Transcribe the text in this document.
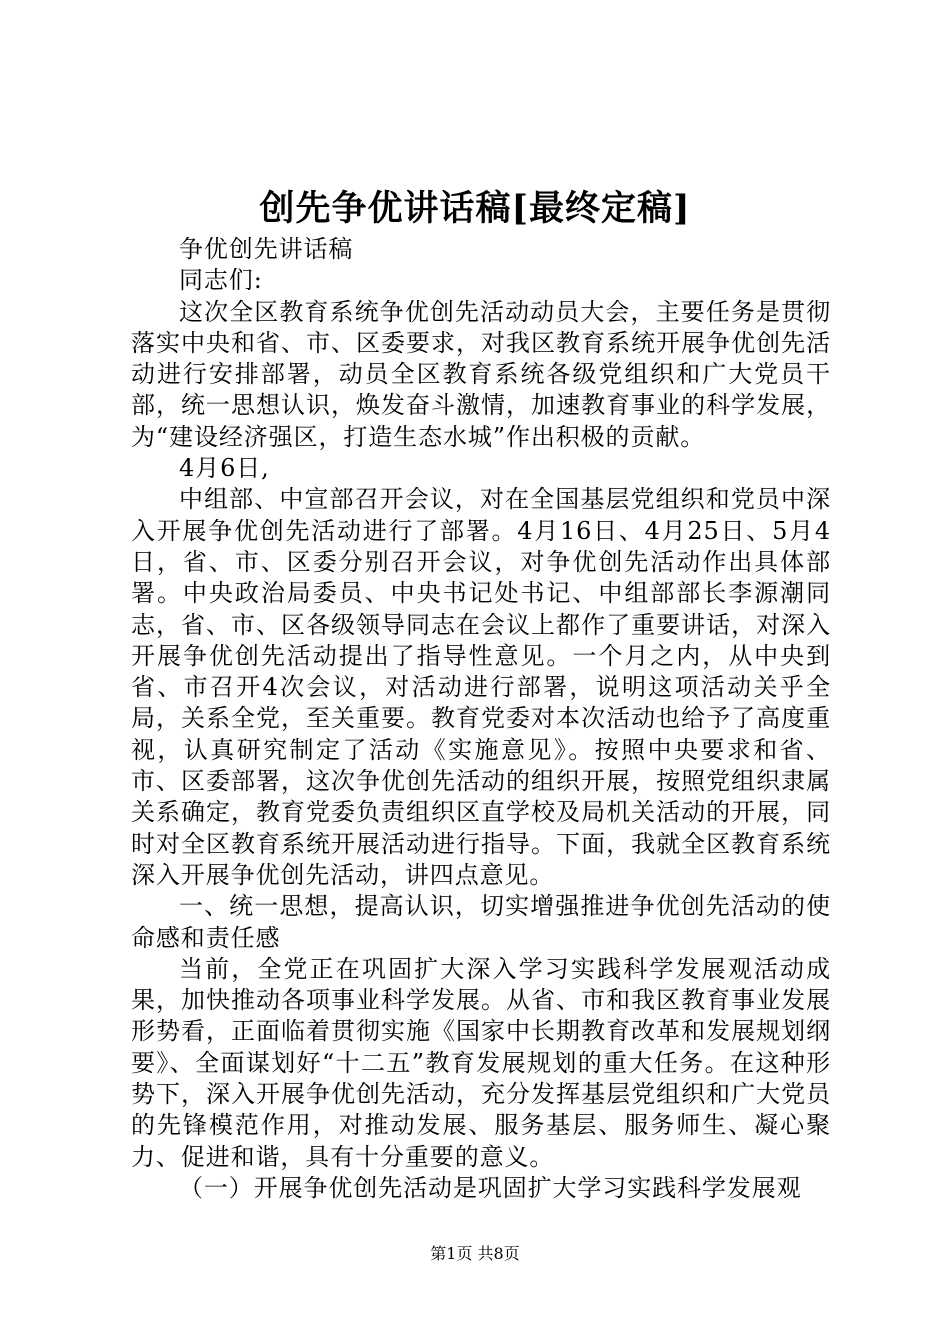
创先争优讲话稿[最终定稿]

争优创先讲话稿

同志们:

这次全区教育系统争优创先活动动员大会，主要任务是贯彻落实中央和省、市、区委要求，对我区教育系统开展争优创先活动进行安排部署，动员全区教育系统各级党组织和广大党员干部，统一思想认识，焕发奋斗激情，加速教育事业的科学发展，为“建设经济强区，打造生态水城”作出积极的贡献。

4月6日,

中组部、中宣部召开会议，对在全国基层党组织和党员中深入开展争优创先活动进行了部署。4月16日、4月25日、5月4日，省、市、区委分别召开会议，对争优创先活动作出具体部署。中央政治局委员、中央书记处书记、中组部部长李源潮同志，省、市、区各级领导同志在会议上都作了重要讲话，对深入开展争优创先活动提出了指导性意见。一个月之内，从中央到省、市召开4次会议，对活动进行部署，说明这项活动关乎全局，关系全党，至关重要。教育党委对本次活动也给予了高度重视，认真研究制定了活动《实施意见》。按照中央要求和省、市、区委部署，这次争优创先活动的组织开展，按照党组织隶属关系确定，教育党委负责组织区直学校及局机关活动的开展，同时对全区教育系统开展活动进行指导。下面，我就全区教育系统深入开展争优创先活动，讲四点意见。

一、统一思想，提高认识，切实增强推进争优创先活动的使命感和责任感

当前，全党正在巩固扩大深入学习实践科学发展观活动成果，加快推动各项事业科学发展。从省、市和我区教育事业发展形势看，正面临着贯彻实施《国家中长期教育改革和发展规划纲要》、全面谋划好“十二五”教育发展规划的重大任务。在这种形势下，深入开展争优创先活动，充分发挥基层党组织和广大党员的先锋模范作用，对推动发展、服务基层、服务师生、凝心聚力、促进和谐，具有十分重要的意义。

（一）开展争优创先活动是巩固扩大学习实践科学发展观

第1页 共8页
